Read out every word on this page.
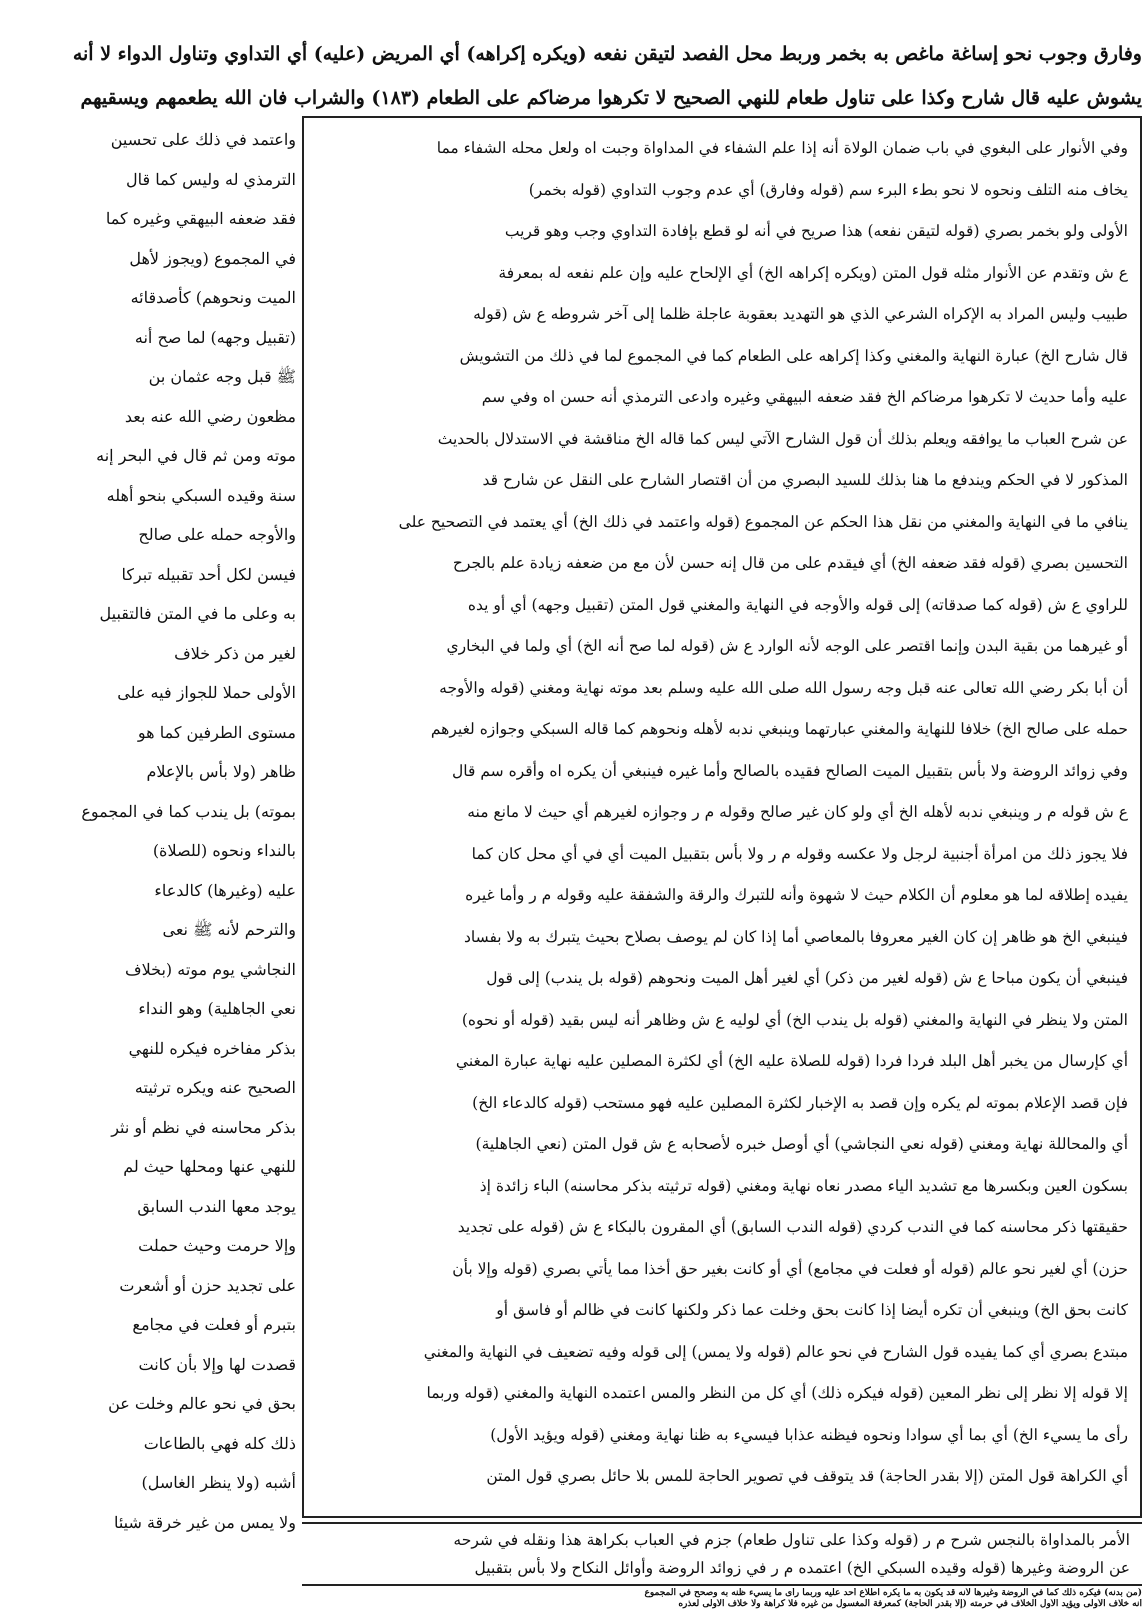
وفارق وجوب نحو إساغة ماغص به بخمر وربط محل الفصد لتيقن نفعه (ويكره إكراهه) أي المريض (عليه) أي التداوي وتناول الدواء لا أنه
يشوش عليه قال شارح وكذا على تناول طعام للنهي الصحيح لا تكرهوا مرضاكم على الطعام (١٨٣) والشراب فان الله يطعمهم ويسقيهم
وفي الأنوار على البغوي في باب ضمان الولاة أنه إذا علم الشفاء في المداواة وجبت اه ولعل محله الشفاء مما
يخاف منه التلف ونحوه لا نحو بطء البرء سم (قوله وفارق) أي عدم وجوب التداوي (قوله بخمر)
الأولى ولو بخمر بصري (قوله لتيقن نفعه) هذا صريح في أنه لو قطع بإفادة التداوي وجب وهو قريب
ع ش وتقدم عن الأنوار مثله قول المتن (ويكره إكراهه الخ) أي الإلحاح عليه وإن علم نفعه له بمعرفة
طبيب وليس المراد به الإكراه الشرعي الذي هو التهديد بعقوبة عاجلة ظلما إلى آخر شروطه ع ش (قوله
قال شارح الخ) عبارة النهاية والمغني وكذا إكراهه على الطعام كما في المجموع لما في ذلك من التشويش
عليه وأما حديث لا تكرهوا مرضاكم الخ فقد ضعفه البيهقي وغيره وادعى الترمذي أنه حسن اه وفي سم
عن شرح العباب ما يوافقه ويعلم بذلك أن قول الشارح الآتي ليس كما قاله الخ مناقشة في الاستدلال بالحديث
المذكور لا في الحكم ويندفع ما هنا بذلك للسيد البصري من أن اقتصار الشارح على النقل عن شارح قد
ينافي ما في النهاية والمغني من نقل هذا الحكم عن المجموع (قوله واعتمد في ذلك الخ) أي يعتمد في التصحيح على
التحسين بصري (قوله فقد ضعفه الخ) أي فيقدم على من قال إنه حسن لأن مع من ضعفه زيادة علم بالجرح
للراوي ع ش (قوله كما صدقاته) إلى قوله والأوجه في النهاية والمغني قول المتن (تقبيل وجهه) أي أو يده
أو غيرهما من بقية البدن وإنما اقتصر على الوجه لأنه الوارد ع ش (قوله لما صح أنه الخ) أي ولما في البخاري
أن أبا بكر رضي الله تعالى عنه قبل وجه رسول الله صلى الله عليه وسلم بعد موته نهاية ومغني (قوله والأوجه
حمله على صالح الخ) خلافا للنهاية والمغني عبارتهما وينبغي ندبه لأهله ونحوهم كما قاله السبكي وجوازه لغيرهم
وفي زوائد الروضة ولا بأس بتقبيل الميت الصالح فقيده بالصالح وأما غيره فينبغي أن يكره اه وأقره سم قال
ع ش قوله م ر وينبغي ندبه لأهله الخ أي ولو كان غير صالح وقوله م ر وجوازه لغيرهم أي حيث لا مانع منه
فلا يجوز ذلك من امرأة أجنبية لرجل ولا عكسه وقوله م ر ولا بأس بتقبيل الميت أي في أي محل كان كما
يفيده إطلاقه لما هو معلوم أن الكلام حيث لا شهوة وأنه للتبرك والرقة والشفقة عليه وقوله م ر وأما غيره
فينبغي الخ هو ظاهر إن كان الغير معروفا بالمعاصي أما إذا كان لم يوصف بصلاح بحيث يتبرك به ولا بفساد
فينبغي أن يكون مباحا ع ش (قوله لغير من ذكر) أي لغير أهل الميت ونحوهم (قوله بل يندب) إلى قول
المتن ولا ينظر في النهاية والمغني (قوله بل يندب الخ) أي لوليه ع ش وظاهر أنه ليس بقيد (قوله أو نحوه)
أي كإرسال من يخبر أهل البلد فردا فردا (قوله للصلاة عليه الخ) أي لكثرة المصلين عليه نهاية عبارة المغني
فإن قصد الإعلام بموته لم يكره وإن قصد به الإخبار لكثرة المصلين عليه فهو مستحب (قوله كالدعاء الخ)
أي والمحاللة نهاية ومغني (قوله نعي النجاشي) أي أوصل خبره لأصحابه ع ش قول المتن (نعي الجاهلية)
بسكون العين وبكسرها مع تشديد الياء مصدر نعاه نهاية ومغني (قوله ترثيته بذكر محاسنه) الباء زائدة إذ
حقيقتها ذكر محاسنه كما في الندب كردي (قوله الندب السابق) أي المقرون بالبكاء ع ش (قوله على تجديد
حزن) أي لغير نحو عالم (قوله أو فعلت في مجامع) أي أو كانت بغير حق أخذا مما يأتي بصري (قوله وإلا بأن
كانت بحق الخ) وينبغي أن تكره أيضا إذا كانت بحق وخلت عما ذكر ولكنها كانت في ظالم أو فاسق أو
مبتدع بصري أي كما يفيده قول الشارح في نحو عالم (قوله ولا يمس) إلى قوله وفيه تضعيف في النهاية والمغني
إلا قوله إلا نظر إلى نظر المعين (قوله فيكره ذلك) أي كل من النظر والمس اعتمده النهاية والمغني (قوله وربما
رأى ما يسيء الخ) أي بما أي سوادا ونحوه فيظنه عذابا فيسيء به ظنا نهاية ومغني (قوله ويؤيد الأول)
أي الكراهة قول المتن (إلا بقدر الحاجة) قد يتوقف في تصوير الحاجة للمس بلا حائل بصري قول المتن
الأمر بالمداواة بالنجس شرح م ر (قوله وكذا على تناول طعام) جزم في العباب بكراهة هذا ونقله في شرحه
عن الروضة وغيرها (قوله وقيده السبكي الخ) اعتمده م ر في زوائد الروضة وأوائل النكاح ولا بأس بتقبيل
واعتمد في ذلك على تحسين
الترمذي له وليس كما قال
فقد ضعفه البيهقي وغيره كما
في المجموع (ويجوز لأهل
الميت ونحوهم) كأصدقائه
(تقبيل وجهه) لما صح أنه
ﷺ قبل وجه عثمان بن
مظعون رضي الله عنه بعد
موته ومن ثم قال في البحر إنه
سنة وقيده السبكي بنحو أهله
والأوجه حمله على صالح
فيسن لكل أحد تقبيله تبركا
به وعلى ما في المتن فالتقبيل
لغير من ذكر خلاف
الأولى حملا للجواز فيه على
مستوى الطرفين كما هو
ظاهر (ولا بأس بالإعلام
بموته) بل يندب كما في المجموع
بالنداء ونحوه (للصلاة)
عليه (وغيرها) كالدعاء
والترحم لأنه ﷺ نعى
النجاشي يوم موته (بخلاف
نعي الجاهلية) وهو النداء
بذكر مفاخره فيكره للنهي
الصحيح عنه ويكره ترثيته
بذكر محاسنه في نظم أو نثر
للنهي عنها ومحلها حيث لم
يوجد معها الندب السابق
وإلا حرمت وحيث حملت
على تجديد حزن أو أشعرت
بتبرم أو فعلت في مجامع
قصدت لها وإلا بأن كانت
بحق في نحو عالم وخلت عن
ذلك كله فهي بالطاعات
أشبه (ولا ينظر الغاسل)
ولا يمس من غير خرقة شيئا
(من بدنه) فيكره ذلك كما في الروضة وغيرها لأنه قد يكون به ما يكره اطلاع أحد عليه وربما رأى ما يسيء ظنه به وصحح في المجموع
أنه خلاف الأولى ويؤيد الأول الخلاف في حرمته (إلا بقدر الحاجة) كمعرفة المغسول من غيره فلا كراهة ولا خلاف الأولى لعذره
